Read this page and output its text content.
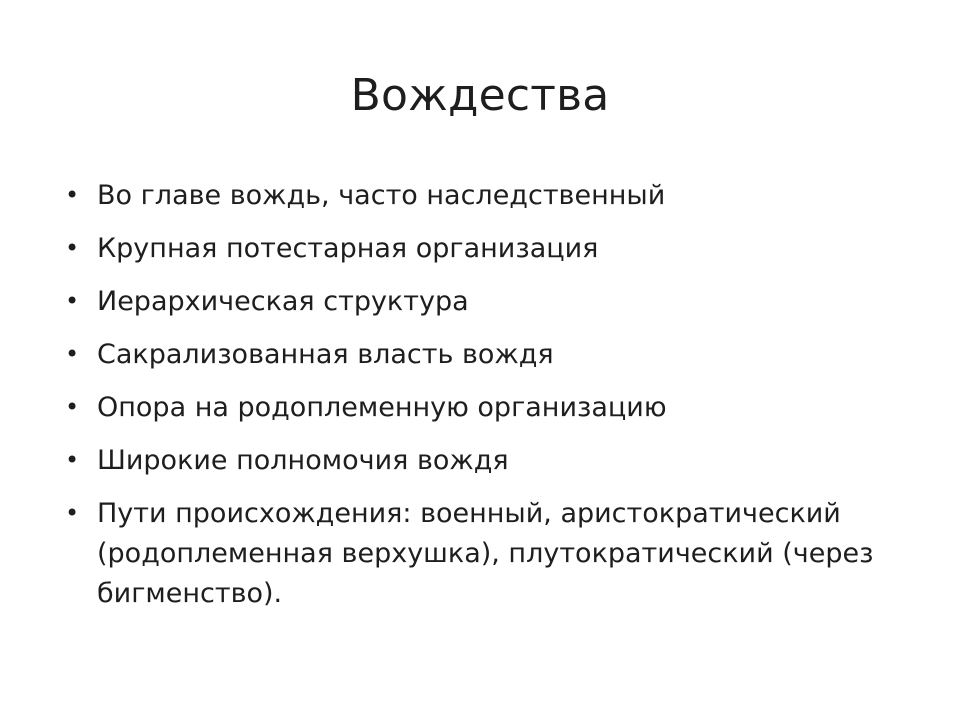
Вождества
• Во главе вождь, часто наследственный
• Крупная потестарная организация
• Иерархическая структура
• Сакрализованная власть вождя
• Опора на родоплеменную организацию
• Широкие полномочия вождя
• Пути происхождения: военный, аристократический (родоплеменная верхушка), плутократический (через бигменство).
